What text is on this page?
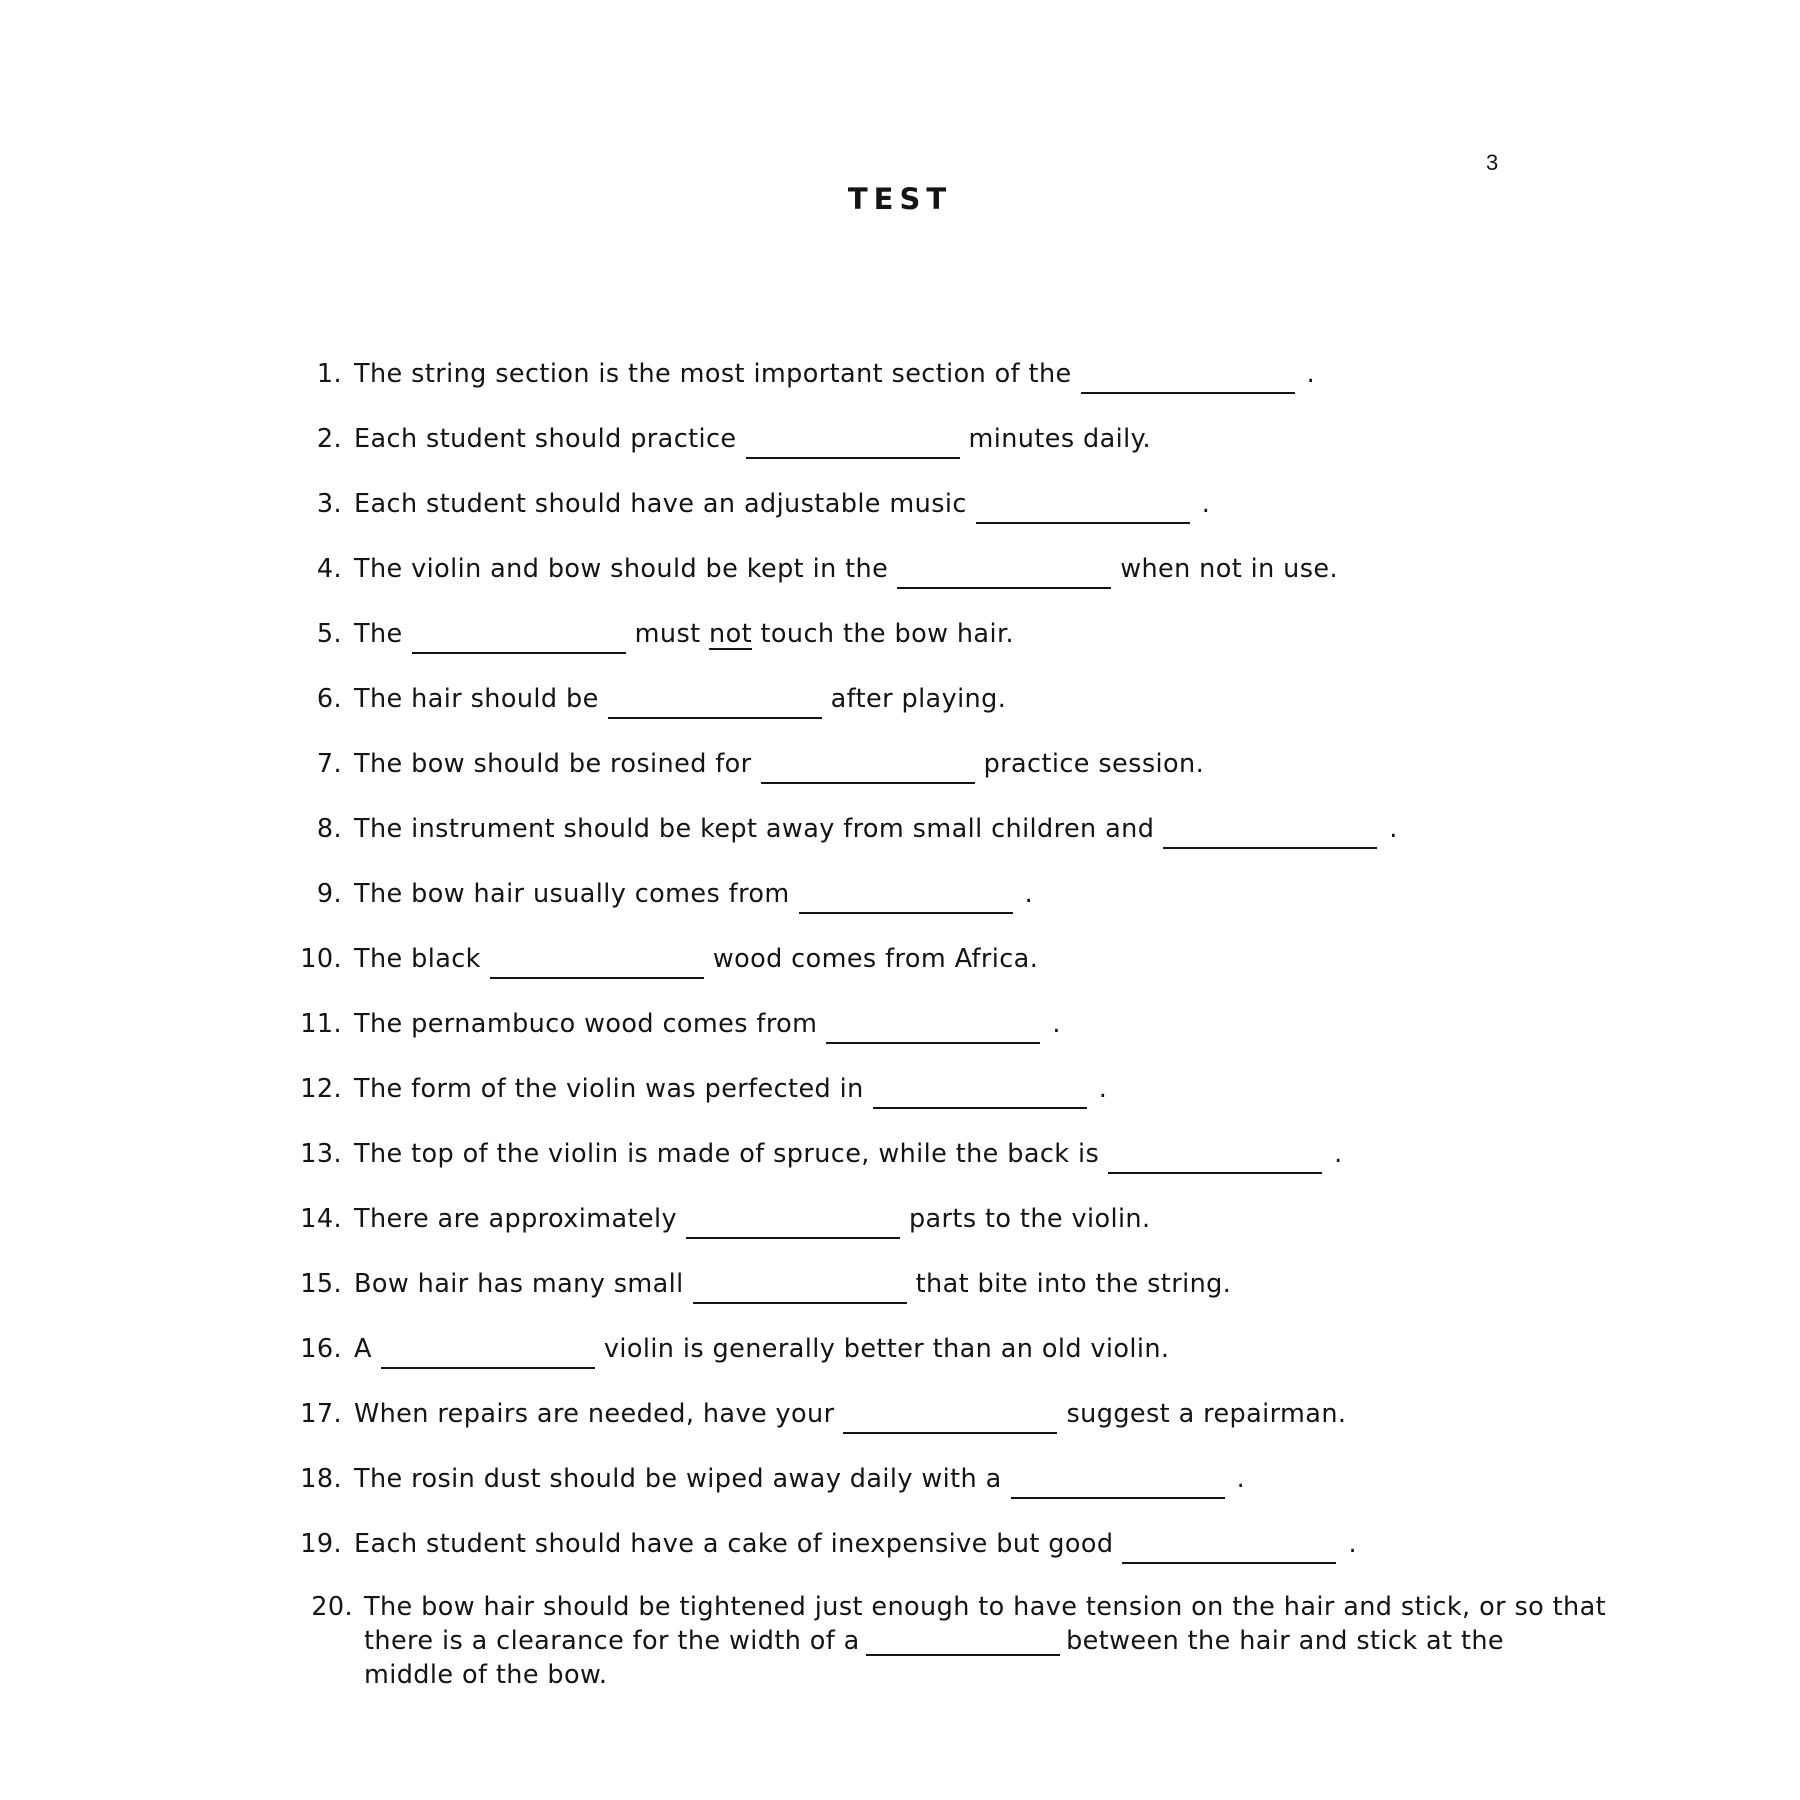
3
TEST
1. The string section is the most important section of the	.
2. Each student should practice	minutes daily.
3. Each student should have an adjustable music	.
4. The violin and bow should be kept in the	when not in use.
5. The	must not touch the bow hair.
6. The hair should be	after playing.
7. The bow should be rosined for	practice session.
8. The instrument should be kept away from small children and	.
9. The bow hair usually comes from	.
10. The black	wood comes from Africa.
11. The pernambuco wood comes from	.
12. The form of the violin was perfected in	.
13. The top of the violin is made of spruce, while the back is	.
14. There are approximately	parts to the violin.
15. Bow hair has many small	that bite into the string.
16. A	violin is generally better than an old violin.
17. When repairs are needed, have your	suggest a repairman.
18. The rosin dust should be wiped away daily with a	.
19. Each student should have a cake of inexpensive but good	.
20. The bow hair should be tightened just enough to have tension on the hair and stick, or so that
there is a clearance for the width of a	between the hair and stick at the
middle of the bow.
